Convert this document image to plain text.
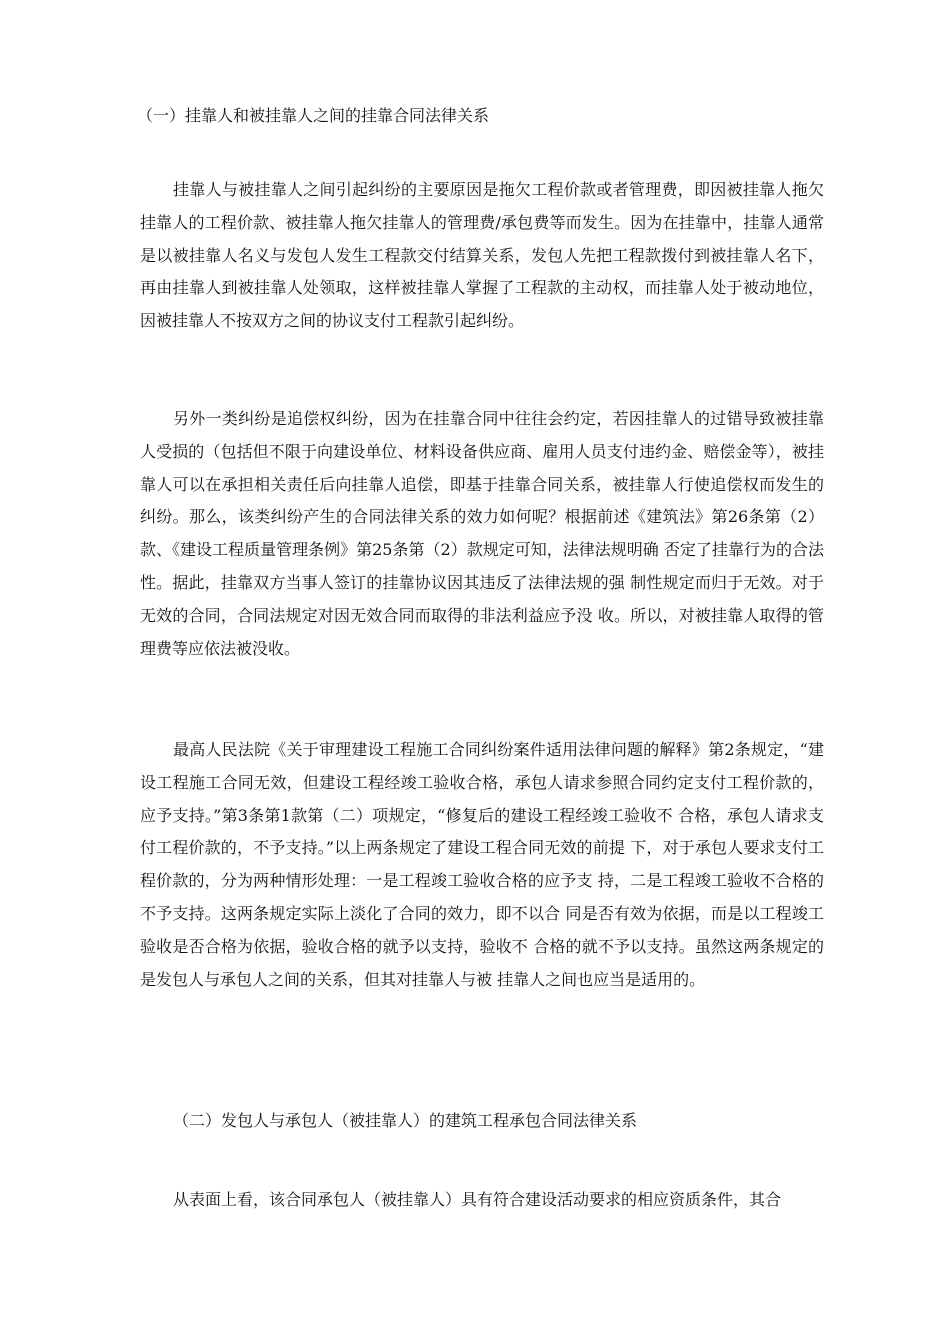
（一）挂靠人和被挂靠人之间的挂靠合同法律关系

挂靠人与被挂靠人之间引起纠纷的主要原因是拖欠工程价款或者管理费，即因被挂靠人拖欠挂靠人的工程价款、被挂靠人拖欠挂靠人的管理费/承包费等而发生。因为在挂靠中，挂靠人通常是以被挂靠人名义与发包人发生工程款交付结算关系，发包人先把工程款拨付到被挂靠人名下，再由挂靠人到被挂靠人处领取，这样被挂靠人掌握了工程款的主动权，而挂靠人处于被动地位，因被挂靠人不按双方之间的协议支付工程款引起纠纷。

另外一类纠纷是追偿权纠纷，因为在挂靠合同中往往会约定，若因挂靠人的过错导致被挂靠人受损的（包括但不限于向建设单位、材料设备供应商、雇用人员支付违约金、赔偿金等），被挂靠人可以在承担相关责任后向挂靠人追偿，即基于挂靠合同关系，被挂靠人行使追偿权而发生的纠纷。那么，该类纠纷产生的合同法律关系的效力如何呢？根据前述《建筑法》第26条第（2）款、《建设工程质量管理条例》第25条第（2）款规定可知，法律法规明确 否定了挂靠行为的合法性。据此，挂靠双方当事人签订的挂靠协议因其违反了法律法规的强 制性规定而归于无效。对于无效的合同，合同法规定对因无效合同而取得的非法利益应予没 收。所以，对被挂靠人取得的管理费等应依法被没收。

最高人民法院《关于审理建设工程施工合同纠纷案件适用法律问题的解释》第2条规定，“建设工程施工合同无效，但建设工程经竣工验收合格，承包人请求参照合同约定支付工程价款的，应予支持。”第3条第1款第（二）项规定，“修复后的建设工程经竣工验收不 合格，承包人请求支付工程价款的，不予支持。”以上两条规定了建设工程合同无效的前提 下，对于承包人要求支付工程价款的，分为两种情形处理：一是工程竣工验收合格的应予支 持，二是工程竣工验收不合格的不予支持。这两条规定实际上淡化了合同的效力，即不以合 同是否有效为依据，而是以工程竣工验收是否合格为依据，验收合格的就予以支持，验收不 合格的就不予以支持。虽然这两条规定的是发包人与承包人之间的关系，但其对挂靠人与被 挂靠人之间也应当是适用的。

（二）发包人与承包人（被挂靠人）的建筑工程承包合同法律关系

从表面上看，该合同承包人（被挂靠人）具有符合建设活动要求的相应资质条件，其合
